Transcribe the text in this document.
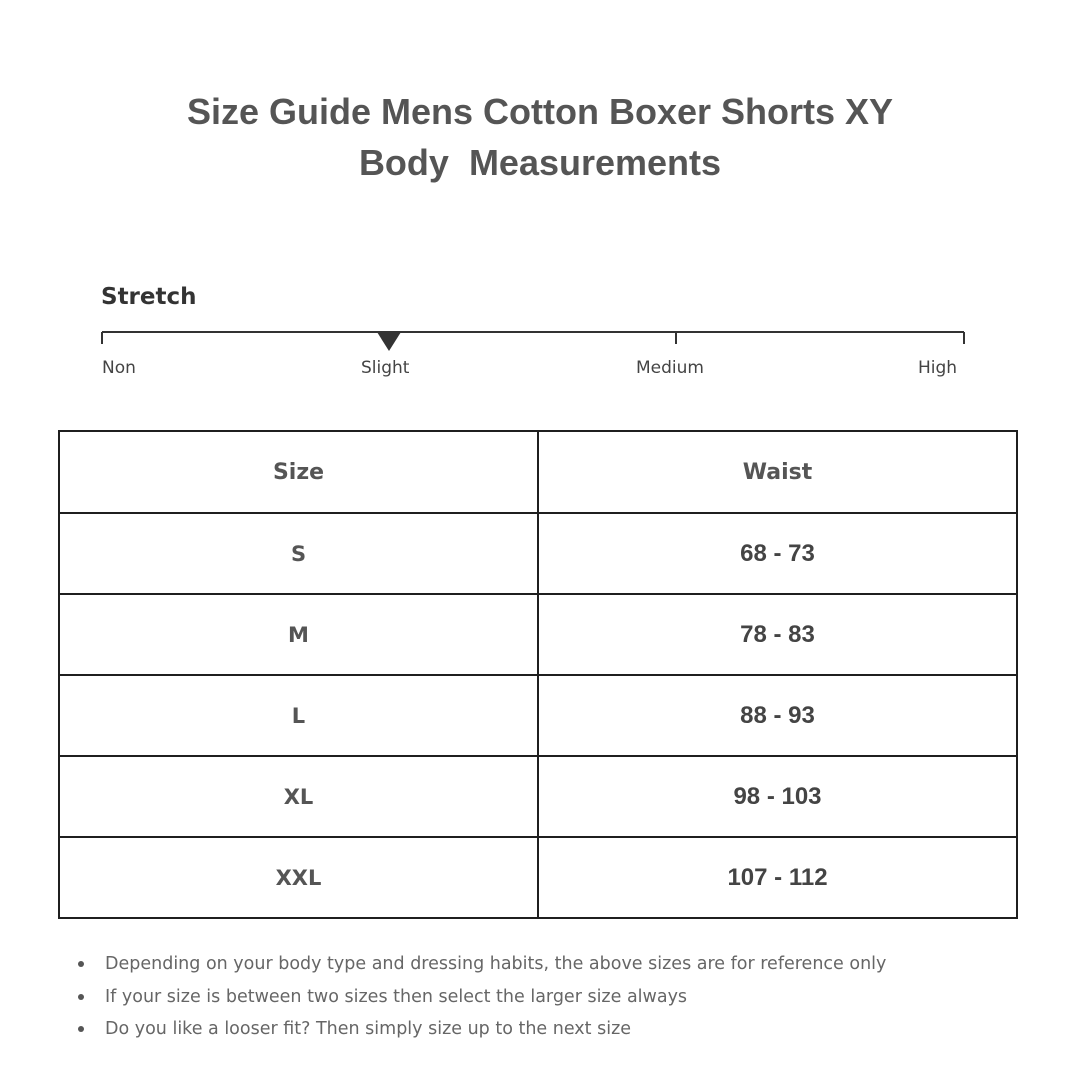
Size Guide Mens Cotton Boxer Shorts XY
Body  Measurements
Stretch
Non	Slight	Medium	High
Size	Waist
S	68 - 73
M	78 - 83
L	88 - 93
XL	98 - 103
XXL	107 - 112
Depending on your body type and dressing habits, the above sizes are for reference only
If your size is between two sizes then select the larger size always
Do you like a looser fit? Then simply size up to the next size
